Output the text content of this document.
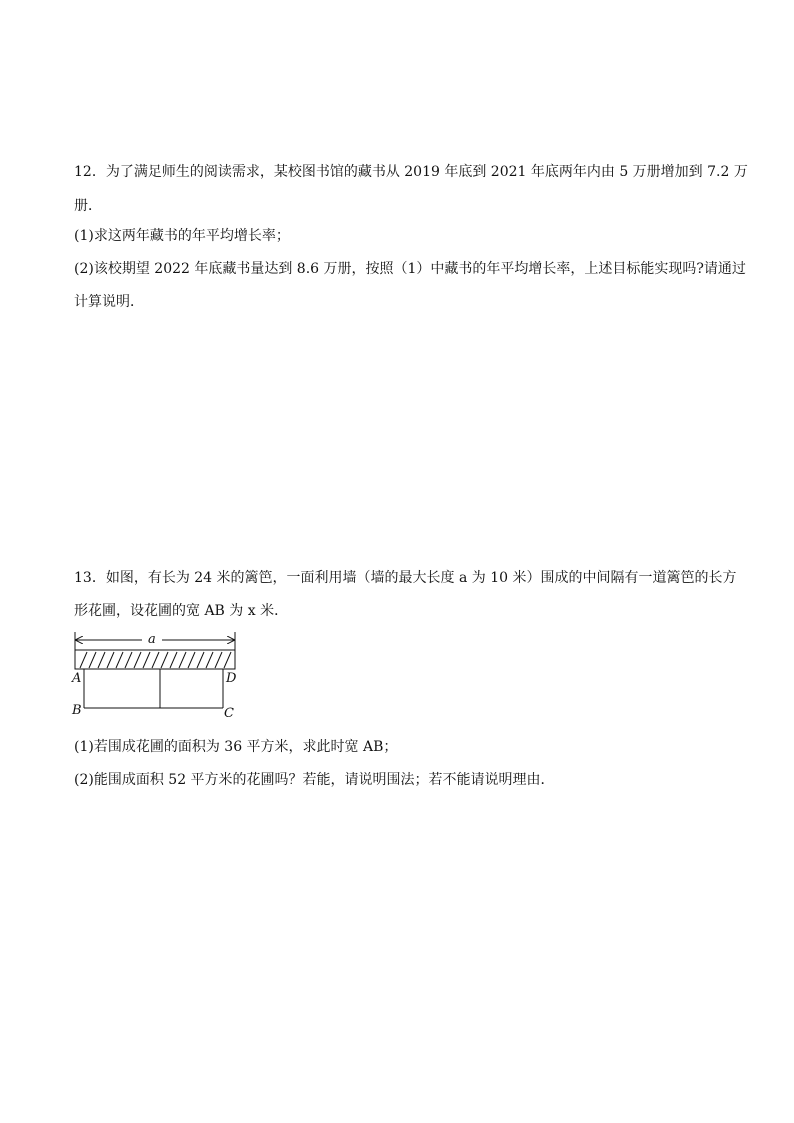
12．为了满足师生的阅读需求，某校图书馆的藏书从 2019 年底到 2021 年底两年内由 5 万册增加到 7.2 万
册．
(1)求这两年藏书的年平均增长率；
(2)该校期望 2022 年底藏书量达到 8.6 万册，按照（1）中藏书的年平均增长率，上述目标能实现吗?请通过
计算说明．
13．如图，有长为 24 米的篱笆，一面利用墙（墙的最大长度 a 为 10 米）围成的中间隔有一道篱笆的长方
形花圃，设花圃的宽 AB 为 x 米．
a
A
B	C
D
(1)若围成花圃的面积为 36 平方米，求此时宽 AB；
(2)能围成面积 52 平方米的花圃吗？若能，请说明围法；若不能请说明理由．
